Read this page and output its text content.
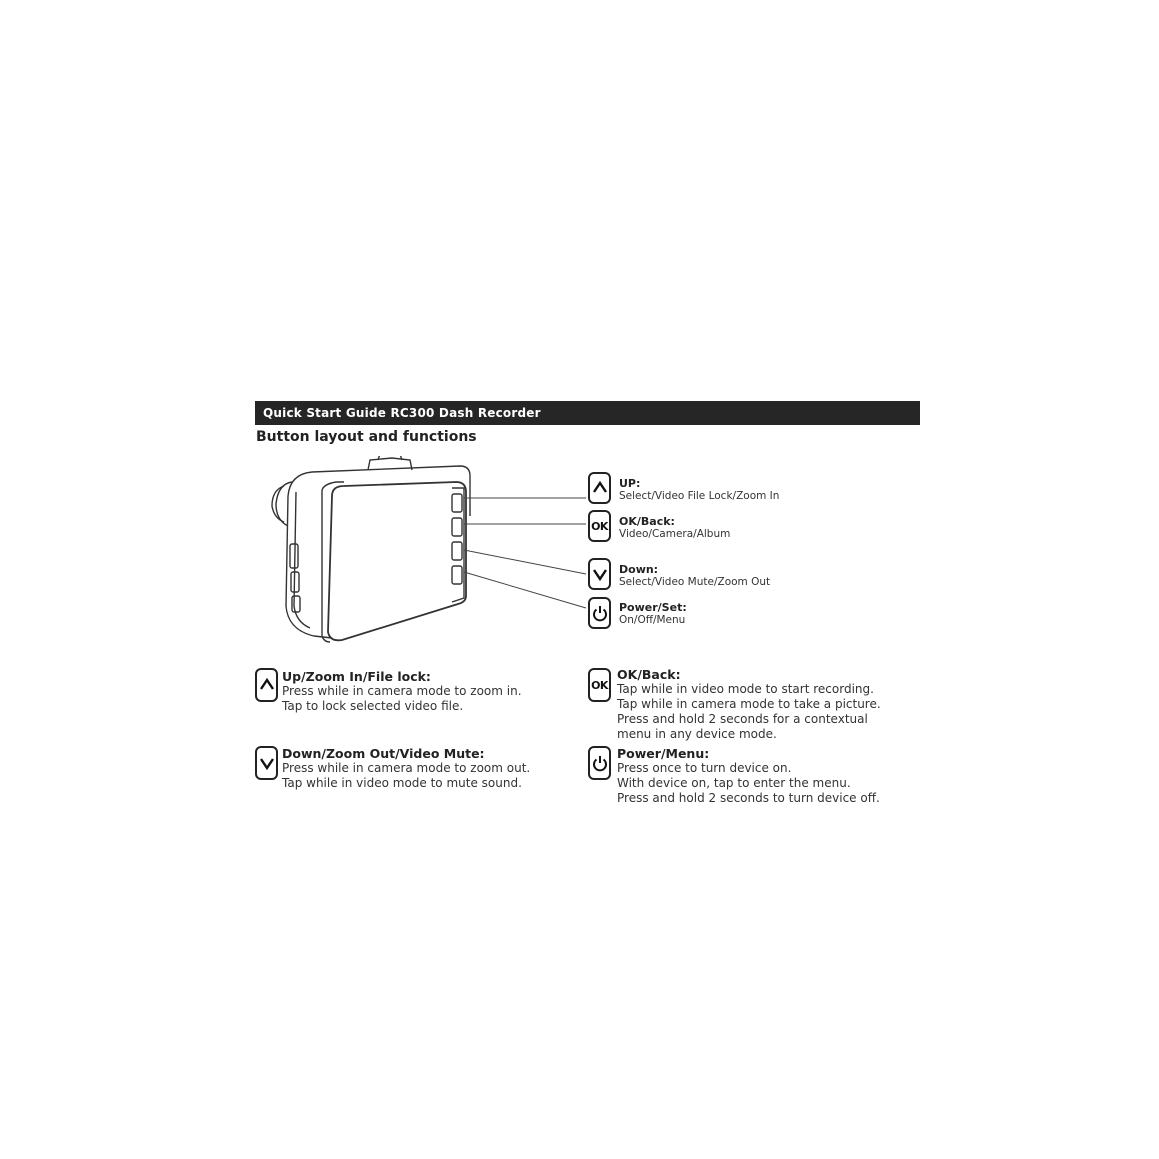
Quick Start Guide RC300 Dash Recorder
Button layout and functions
OK
UP:
Select/Video File Lock/Zoom In
OK/Back:
Video/Camera/Album
Down:
Select/Video Mute/Zoom Out
Power/Set:
On/Off/Menu
Up/Zoom In/File lock:
Press while in camera mode to zoom in.
Tap to lock selected video file.
Down/Zoom Out/Video Mute:
Press while in camera mode to zoom out.
Tap while in video mode to mute sound.
OK
OK/Back:
Tap while in video mode to start recording.
Tap while in camera mode to take a picture.
Press and hold 2 seconds for a contextual
menu in any device mode.
Power/Menu:
Press once to turn device on.
With device on, tap to enter the menu.
Press and hold 2 seconds to turn device off.
